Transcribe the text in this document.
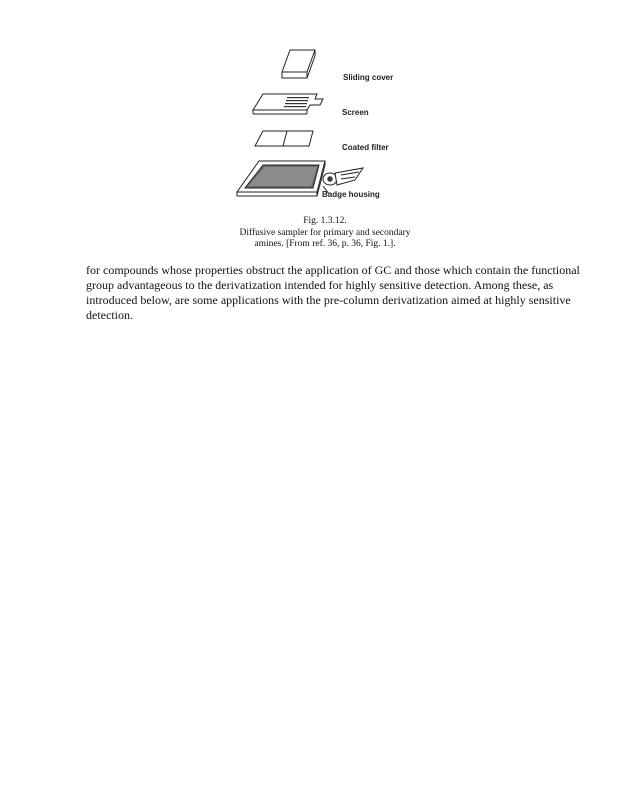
Sliding cover
Screen
Coated filter
Badge housing
Fig. 1.3.12.
Diffusive sampler for primary and secondary
amines. [From ref. 36, p. 36, Fig. 1.].

for compounds whose properties obstruct the application of GC and those which contain the functional group advantageous to the derivatization intended for highly sensitive detection. Among these, as introduced below, are some applications with the pre-column derivatization aimed at highly sensitive detection.
